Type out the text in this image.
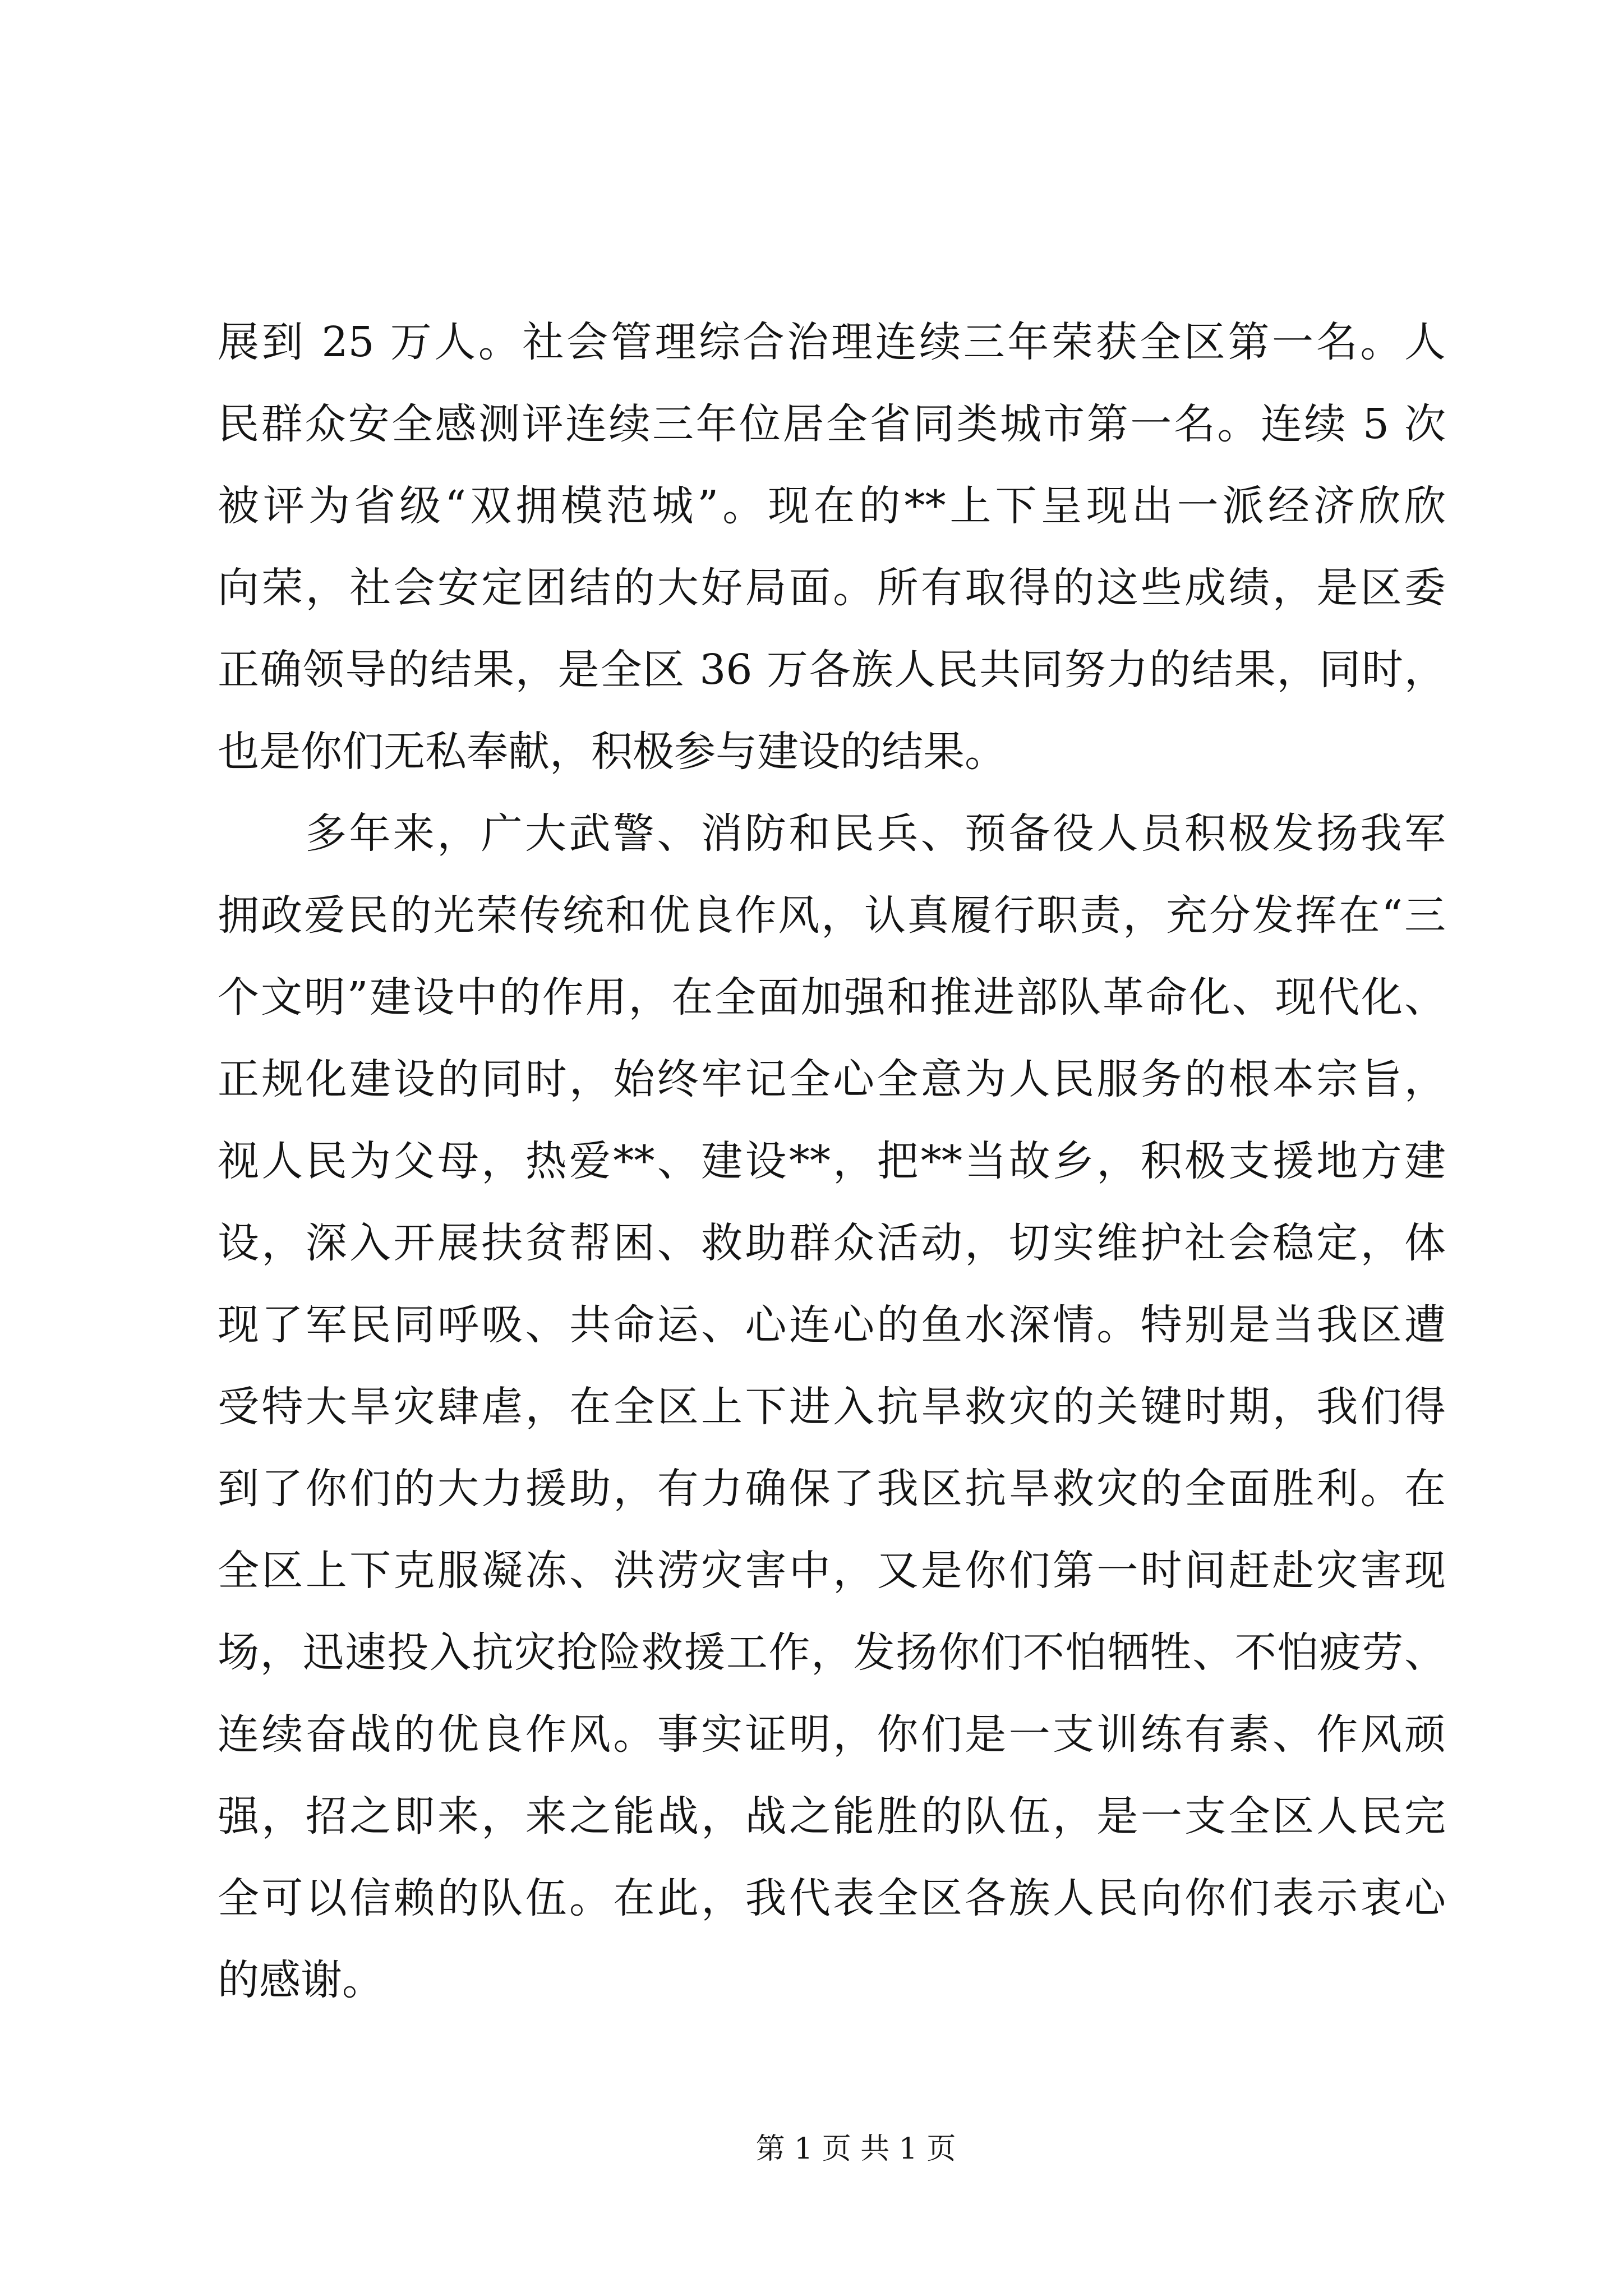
展到 25 万人。社会管理综合治理连续三年荣获全区第一名。人
民群众安全感测评连续三年位居全省同类城市第一名。连续 5 次
被评为省级“双拥模范城”。现在的**上下呈现出一派经济欣欣
向荣，社会安定团结的大好局面。所有取得的这些成绩，是区委
正确领导的结果，是全区 36 万各族人民共同努力的结果，同时，
也是你们无私奉献，积极参与建设的结果。
多年来，广大武警、消防和民兵、预备役人员积极发扬我军
拥政爱民的光荣传统和优良作风，认真履行职责，充分发挥在“三
个文明”建设中的作用，在全面加强和推进部队革命化、现代化、
正规化建设的同时，始终牢记全心全意为人民服务的根本宗旨，
视人民为父母，热爱**、建设**，把**当故乡，积极支援地方建
设，深入开展扶贫帮困、救助群众活动，切实维护社会稳定，体
现了军民同呼吸、共命运、心连心的鱼水深情。特别是当我区遭
受特大旱灾肆虐，在全区上下进入抗旱救灾的关键时期，我们得
到了你们的大力援助，有力确保了我区抗旱救灾的全面胜利。在
全区上下克服凝冻、洪涝灾害中，又是你们第一时间赶赴灾害现
场，迅速投入抗灾抢险救援工作，发扬你们不怕牺牲、不怕疲劳、
连续奋战的优良作风。事实证明，你们是一支训练有素、作风顽
强，招之即来，来之能战，战之能胜的队伍，是一支全区人民完
全可以信赖的队伍。在此，我代表全区各族人民向你们表示衷心
的感谢。
第 1 页 共 1 页
